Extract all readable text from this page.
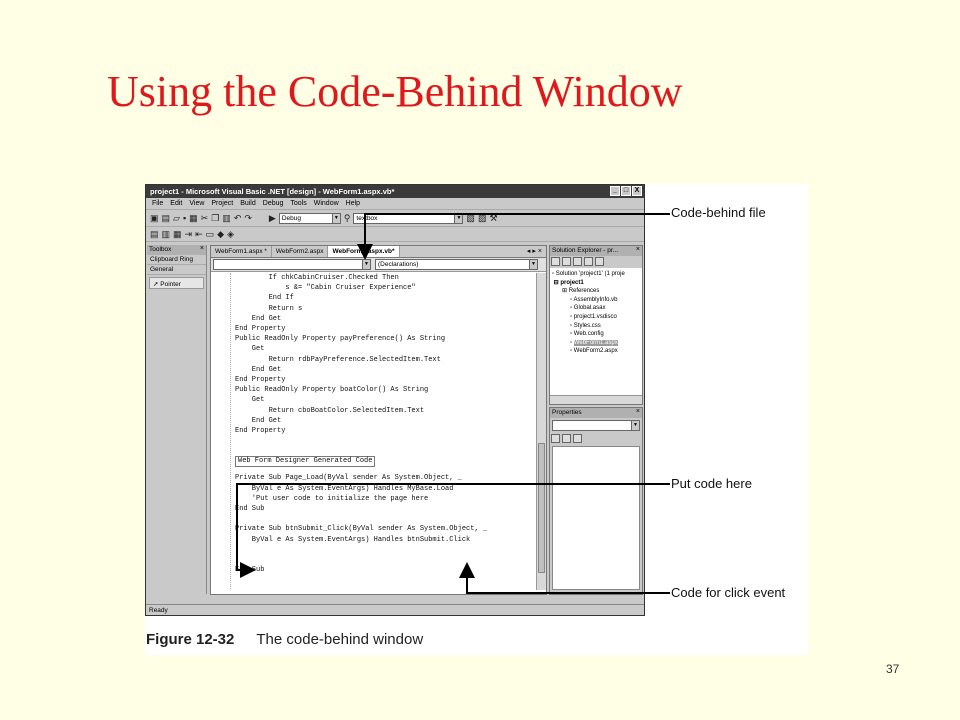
Using the Code-Behind Window
project1 - Microsoft Visual Basic .NET [design] - WebForm1.aspx.vb*	_ □ X
File Edit View Project Build Debug Tools Window Help
▣ ▤ ▱ ▪ ▦ ✂ ❐ ▥ ↶ ↷ ▶ Debug	▼ ⚲ textbox	▼ ▧ ▨ ⚒
▤ ▥ ▦ ⇥ ⇤ ▭ ◆ ◈
Toolbox	×
Clipboard Ring
General
➚ Pointer
WebForm1.aspx *	WebForm2.aspx	WebForm1.aspx.vb*	◂▸×
▼	(Declarations)	▼
If chkCabinCruiser.Checked Then
s &= "Cabin Cruiser Experience"
End If
Return s
End Get
End Property
Public ReadOnly Property payPreference() As String
Get
Return rdbPayPreference.SelectedItem.Text
End Get
End Property
Public ReadOnly Property boatColor() As String
Get
Return cboBoatColor.SelectedItem.Text
End Get
End Property

Web Form Designer Generated Code

Private Sub Page_Load(ByVal sender As System.Object, _
ByVal e As System.EventArgs) Handles MyBase.Load
'Put user code to initialize the page here
End Sub

Private Sub btnSubmit_Click(ByVal sender As System.Object, _
ByVal e As System.EventArgs) Handles btnSubmit.Click

End Sub
Solution Explorer - pr...	×
▫ Solution 'project1' (1 proje
⊟ project1
⊞ References
▫ AssemblyInfo.vb
▫ Global.asax
▫ project1.vsdisco
▫ Styles.css
▫ Web.config
▫ WebForm1.aspx
▫ WebForm2.aspx
Properties	×
▼
Ready
Code-behind file
Put code here
Code for click event
Figure 12-32 The code-behind window
37
